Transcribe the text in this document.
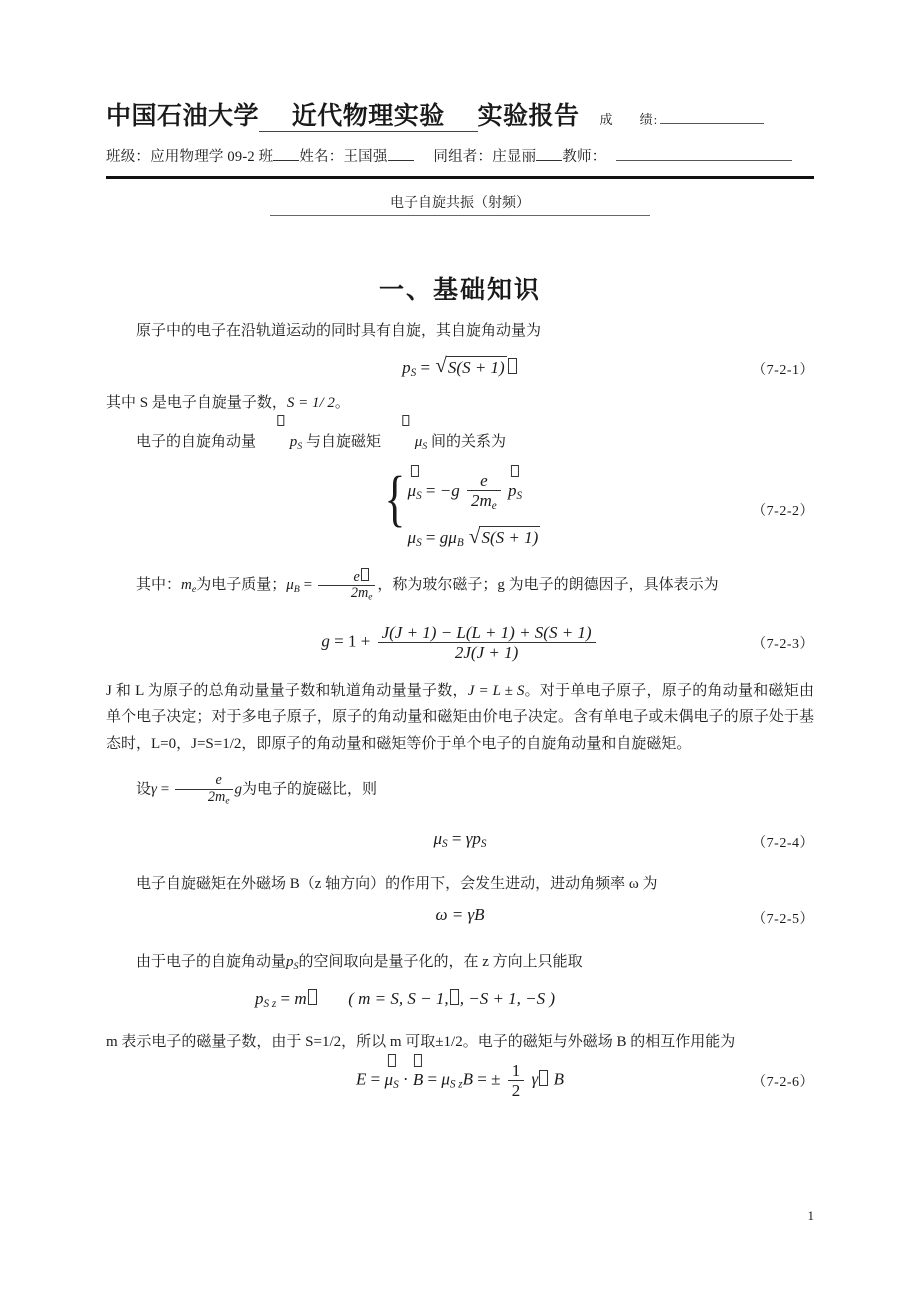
中国石油大学	近代物理实验	实验报告 成 绩:
班级：应用物理学 09-2 班 姓名：王国强	同组者：庄显丽 教师：
电子自旋共振（射频）
一、基础知识
原子中的电子在沿轨道运动的同时具有自旋，其自旋角动量为
$p_S$ = √ S(S + 1)	（7-2-1）
其中 S 是电子自旋量子数，S = 1/ 2。
电子的自旋角动量 $p_S$ 与自旋磁矩 $\mu_S$ 间的关系为
{ $\mu_S = -g \frac{e}{2m_e}$
$p_S$
$\mu_S = g\mu_B$ √ S(S + 1)
（7-2-2）
其中：$m_e$为电子质量；$\mu_B = \frac{e}{2m_e}$ ，称为玻尔磁子；g 为电子的朗德因子，具体表示为
$g = 1 + \frac{J(J + 1) - L(L + 1) + S(S + 1)}{2J(J + 1)}$	（7-2-3）
J 和 L 为原子的总角动量量子数和轨道角动量量子数，J = L ± S。对于单电子原子，原子的角动量和磁矩由单个电子决定；对于多电子原子，原子的角动量和磁矩由价电子决定。含有单电子或未偶电子的原子处于基态时，L=0，J=S=1/2，即原子的角动量和磁矩等价于单个电子的自旋角动量和自旋磁矩。
设$\gamma = \frac{e}{2m_e}$ g为电子的旋磁比，则
$\mu_S = \gamma p_S$	（7-2-4）
电子自旋磁矩在外磁场 B（z 轴方向）的作用下，会发生进动，进动角频率 ω 为
ω = γB	（7-2-5）
由于电子的自旋角动量$p_S$的空间取向是量子化的，在 z 方向上只能取
$p_{S z} = m$ ( m = S, S − 1, , −S + 1, −S )
m 表示电子的磁量子数，由于 S=1/2，所以 m 可取±1/2。电子的磁矩与外磁场 B 的相互作用能为
$E = \mu_S \cdot B = \mu_{S z}B$ = ± $\frac{1}{2}$ γ B	（7-2-6）
1
